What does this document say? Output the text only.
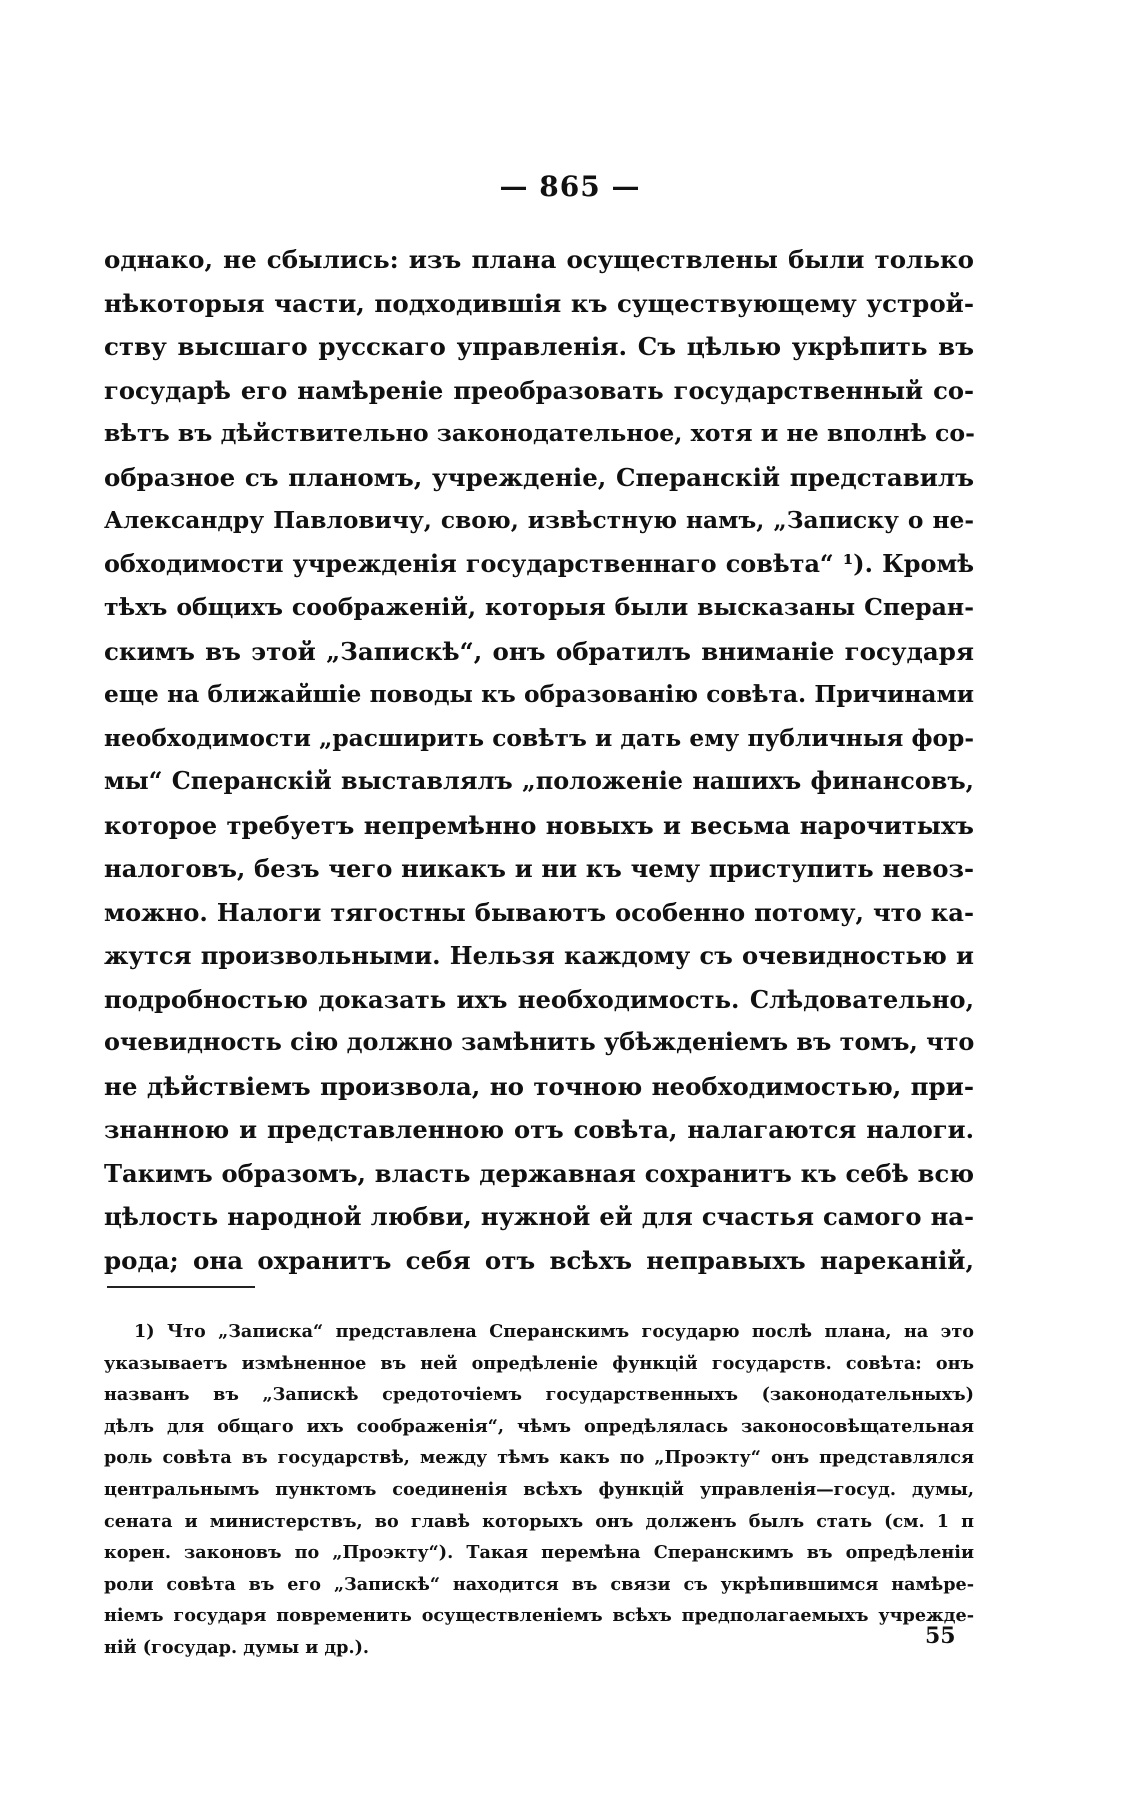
— 865 —
однако, не сбылись: изъ плана осуществлены были только
нѣкоторыя части, подходившія къ существующему устрой-
ству высшаго русскаго управленія. Съ цѣлью укрѣпить въ
государѣ его намѣреніе преобразовать государственный со-
вѣтъ въ дѣйствительно законодательное, хотя и не вполнѣ со-
образное съ планомъ, учрежденіе, Сперанскій представилъ
Александру Павловичу, свою, извѣстную намъ, „Записку о не-
обходимости учрежденія государственнаго совѣта“ ¹). Кромѣ
тѣхъ общихъ соображеній, которыя были высказаны Сперан-
скимъ въ этой „Запискѣ“, онъ обратилъ вниманіе государя
еще на ближайшіе поводы къ образованію совѣта. Причинами
необходимости „расширить совѣтъ и дать ему публичныя фор-
мы“ Сперанскій выставлялъ „положеніе нашихъ финансовъ,
которое требуетъ непремѣнно новыхъ и весьма нарочитыхъ
налоговъ, безъ чего никакъ и ни къ чему приступить невоз-
можно. Налоги тягостны бываютъ особенно потому, что ка-
жутся произвольными. Нельзя каждому съ очевидностью и
подробностью доказать ихъ необходимость. Слѣдовательно,
очевидность сію должно замѣнить убѣжденіемъ въ томъ, что
не дѣйствіемъ произвола, но точною необходимостью, при-
знанною и представленною отъ совѣта, налагаются налоги.
Такимъ образомъ, власть державная сохранитъ къ себѣ всю
цѣлость народной любви, нужной ей для счастья самого на-
рода; она охранитъ себя отъ всѣхъ неправыхъ нареканій,
1) Что „Записка“ представлена Сперанскимъ государю послѣ плана, на это
указываетъ измѣненное въ ней опредѣленіе функцій государств. совѣта: онъ
названъ въ „Запискѣ средоточіемъ государственныхъ (законодательныхъ)
дѣлъ для общаго ихъ соображенія“, чѣмъ опредѣлялась законосовѣщательная
роль совѣта въ государствѣ, между тѣмъ какъ по „Проэкту“ онъ представлялся
центральнымъ пунктомъ соединенія всѣхъ функцій управленія—госуд. думы,
сената и министерствъ, во главѣ которыхъ онъ долженъ былъ стать (см. 1 п
корен. законовъ по „Проэкту“). Такая перемѣна Сперанскимъ въ опредѣленіи
роли совѣта въ его „Запискѣ“ находится въ связи съ укрѣпившимся намѣре-
ніемъ государя повременить осуществленіемъ всѣхъ предполагаемыхъ учрежде-
ній (государ. думы и др.).	55
